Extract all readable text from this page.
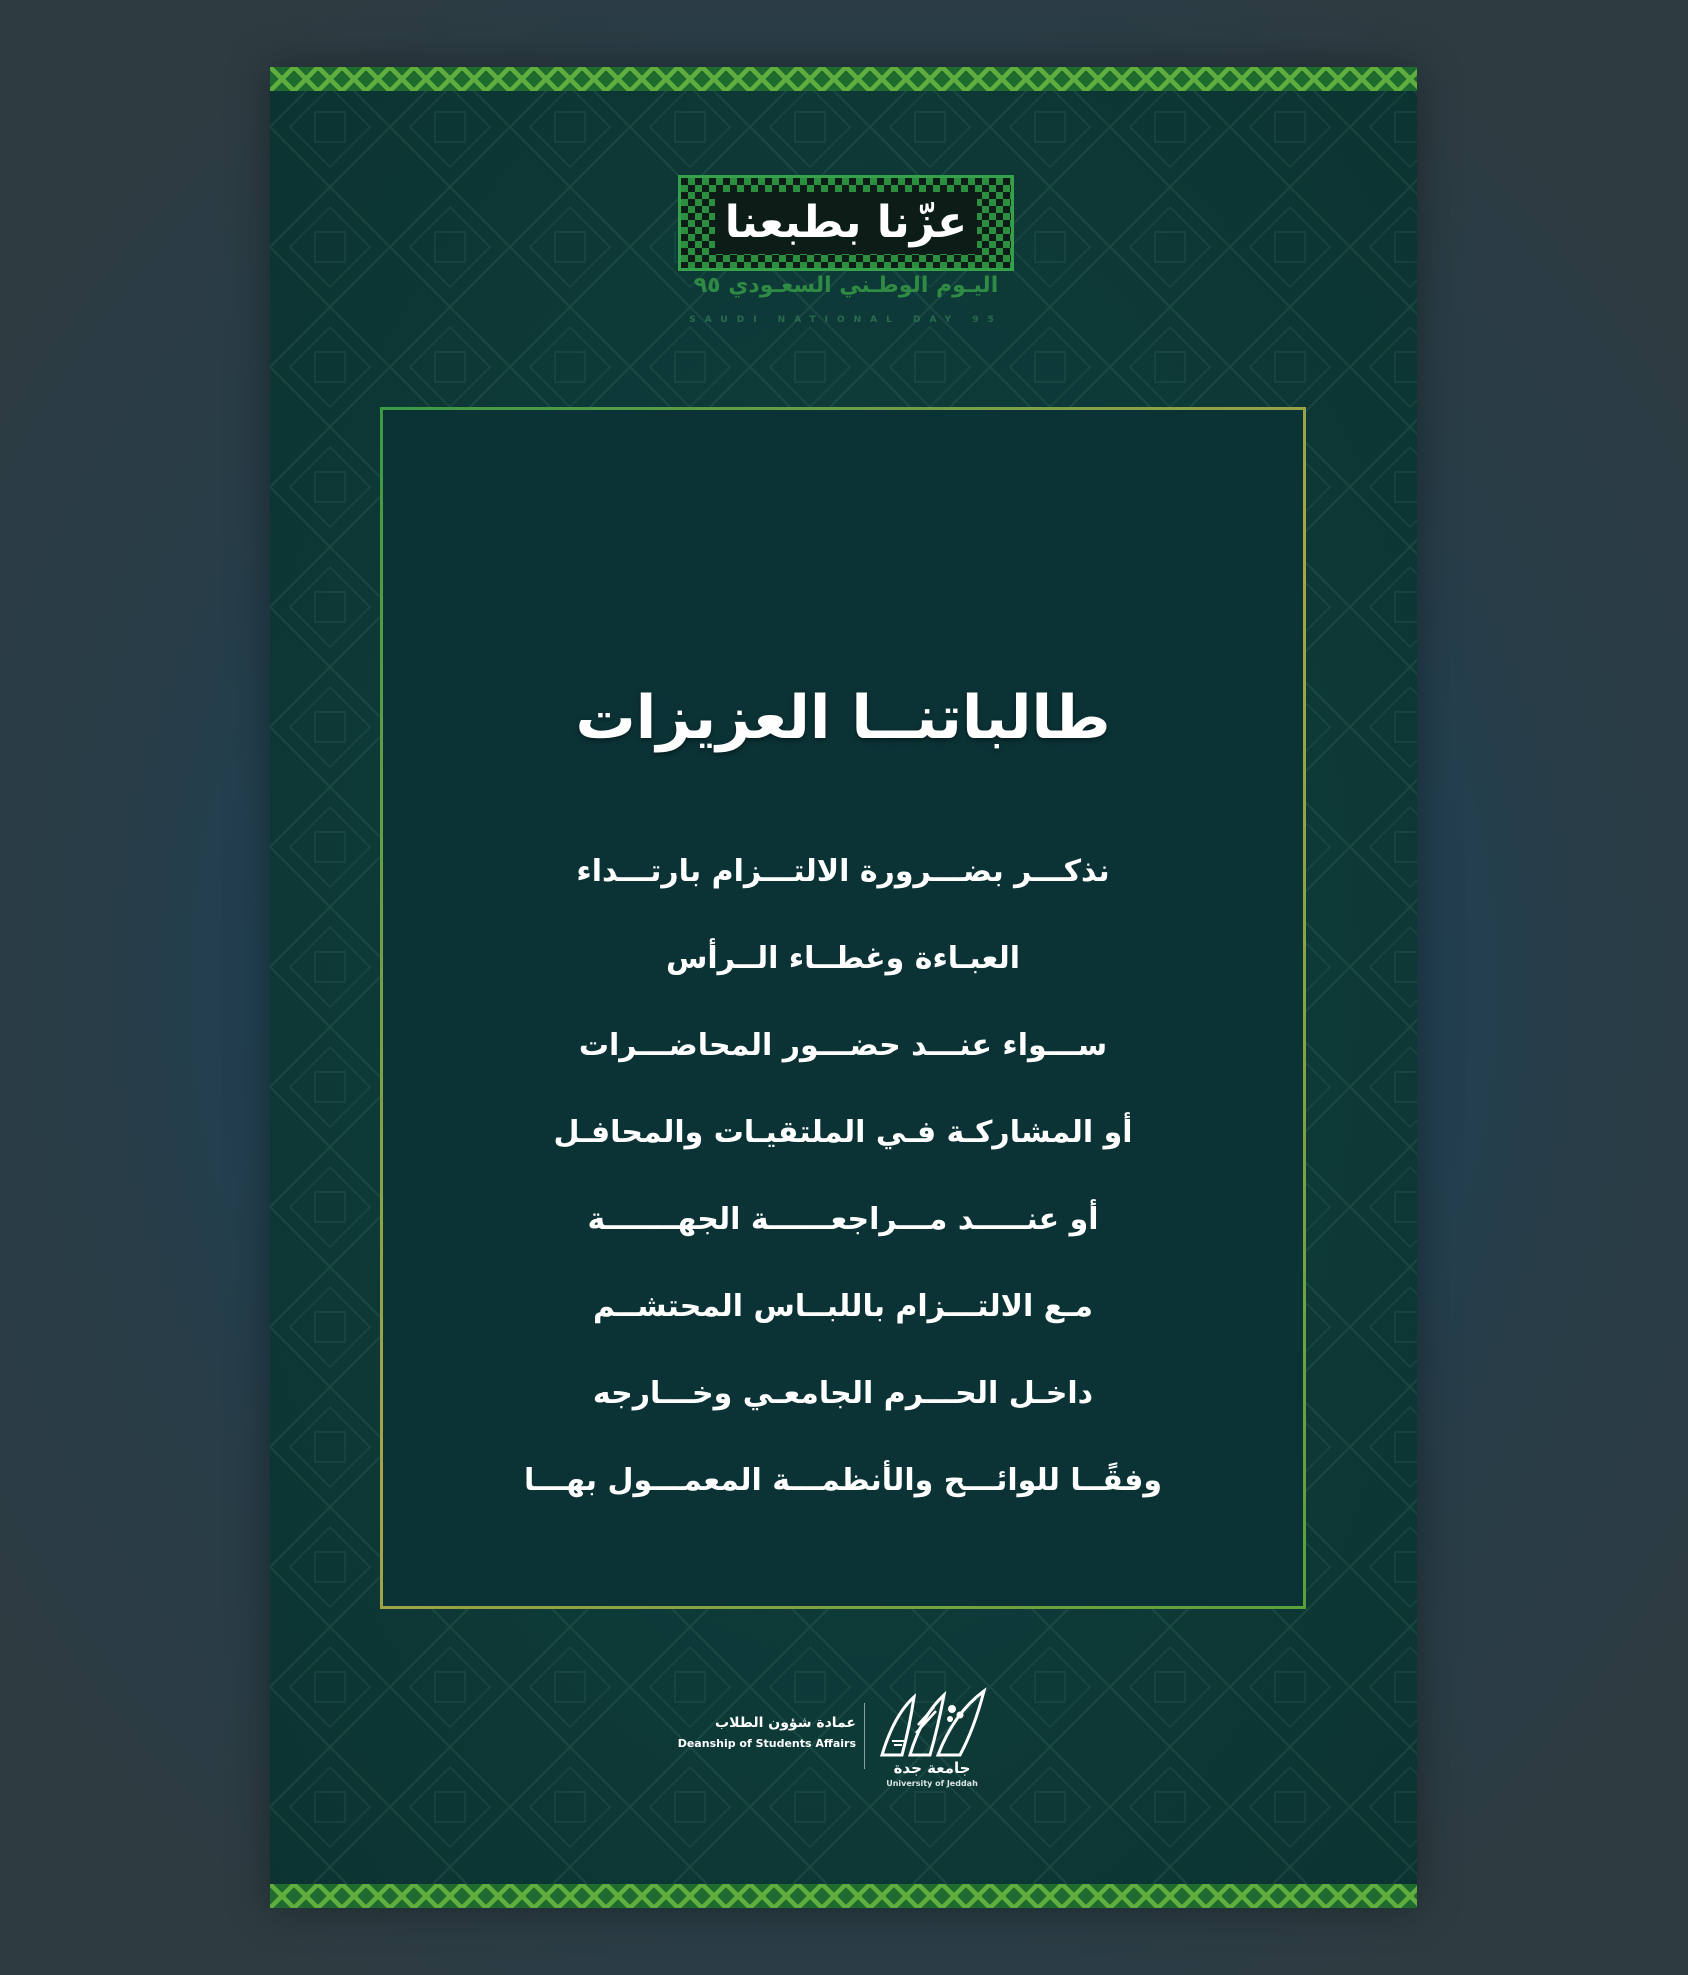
عزّنا بطبعنا
اليـوم الوطـني السعـودي ٩٥
SAUDI NATIONAL DAY 95
طالباتنــا العزيزات
نذكـــر بضـــرورة الالتـــزام بارتـــداء
العبـاءة وغطــاء الــرأس
ســـواء عنـــد حضـــور المحاضـــرات
أو المشاركـة فـي الملتقيـات والمحافـل
أو عنـــــد مـــراجعــــــة الجهـــــــة
مـع الالتـــزام باللبــاس المحتشــم
داخـل الحـــرم الجامعـي وخـــارجه
وفقًــا للوائـــح والأنظمـــة المعمـــول بهـــا
عمادة شؤون الطلاب
Deanship of Students Affairs
جامعة جدة
University of Jeddah
